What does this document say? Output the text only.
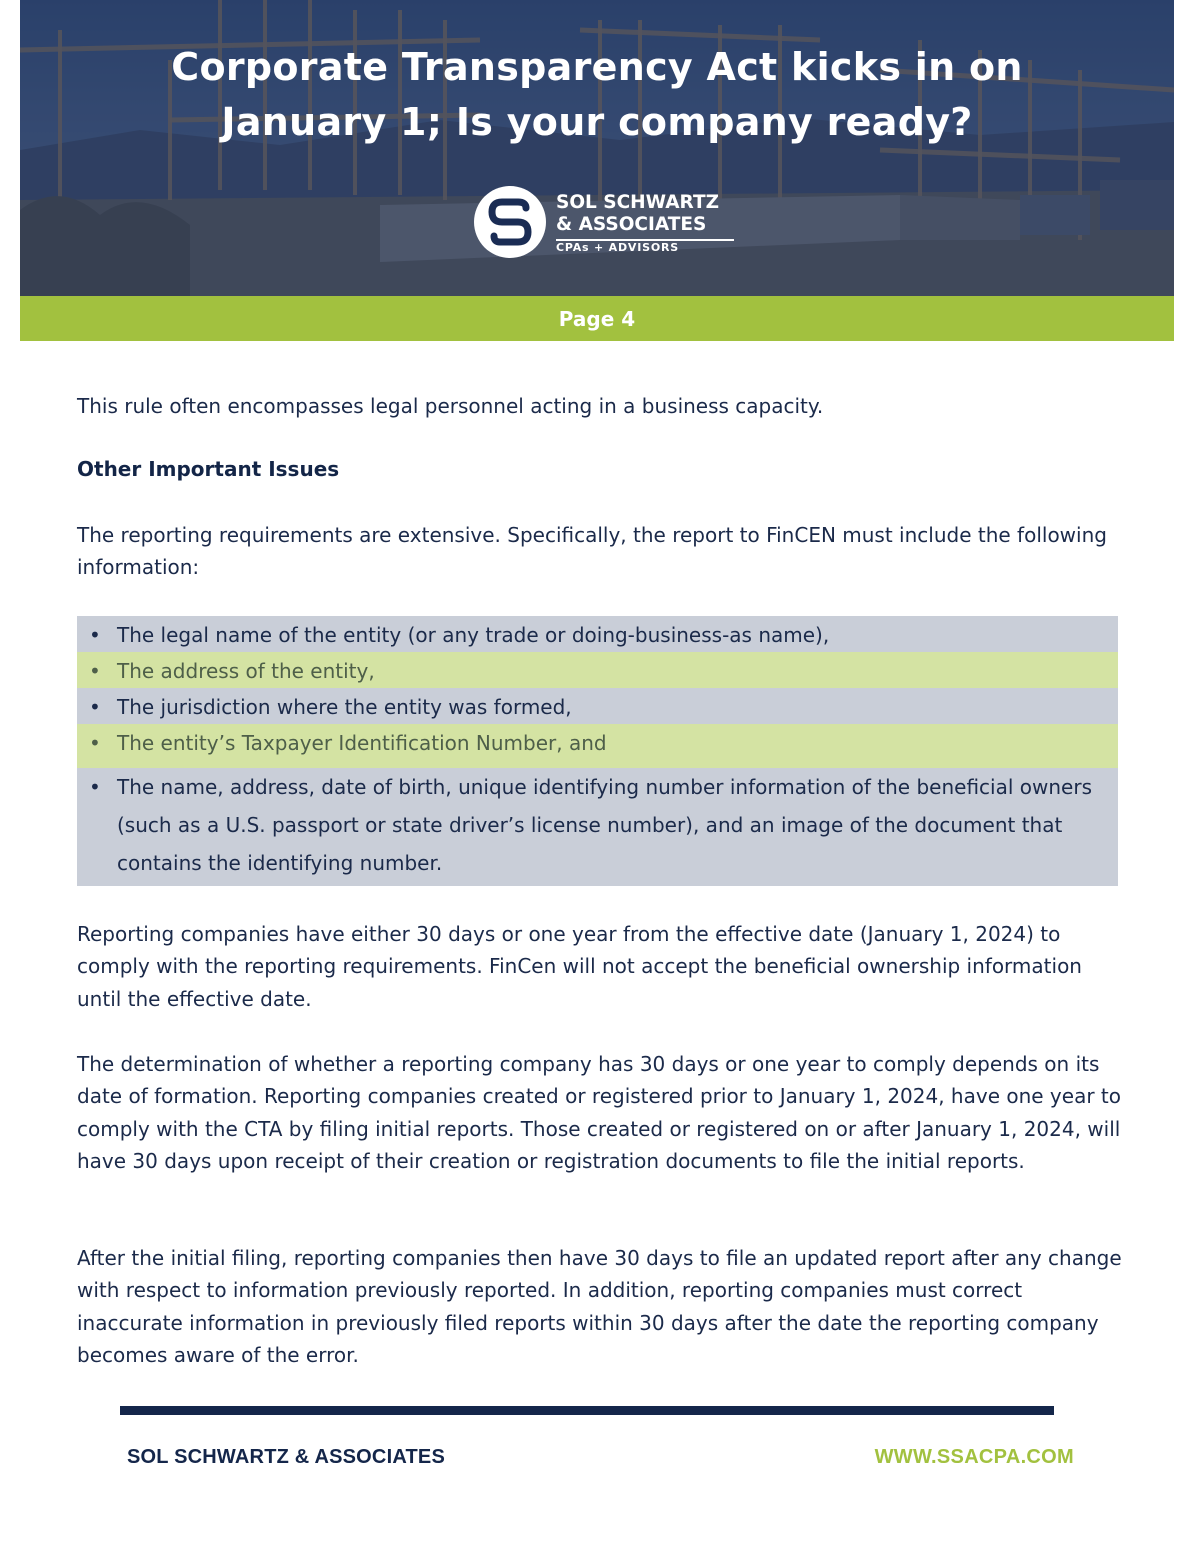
Corporate Transparency Act kicks in on
January 1; Is your company ready?
SOL SCHWARTZ
& ASSOCIATES
CPAs + ADVISORS
Page 4

This rule often encompasses legal personnel acting in a business capacity.

Other Important Issues

The reporting requirements are extensive. Specifically, the report to FinCEN must include the following information:

• The legal name of the entity (or any trade or doing-business-as name),
• The address of the entity,
• The jurisdiction where the entity was formed,
• The entity’s Taxpayer Identification Number, and
• The name, address, date of birth, unique identifying number information of the beneficial owners (such as a U.S. passport or state driver’s license number), and an image of the document that contains the identifying number.

Reporting companies have either 30 days or one year from the effective date (January 1, 2024) to comply with the reporting requirements. FinCen will not accept the beneficial ownership information until the effective date.

The determination of whether a reporting company has 30 days or one year to comply depends on its date of formation. Reporting companies created or registered prior to January 1, 2024, have one year to comply with the CTA by filing initial reports. Those created or registered on or after January 1, 2024, will have 30 days upon receipt of their creation or registration documents to file the initial reports.

After the initial filing, reporting companies then have 30 days to file an updated report after any change with respect to information previously reported. In addition, reporting companies must correct inaccurate information in previously filed reports within 30 days after the date the reporting company becomes aware of the error.

SOL SCHWARTZ & ASSOCIATES	WWW.SSACPA.COM
